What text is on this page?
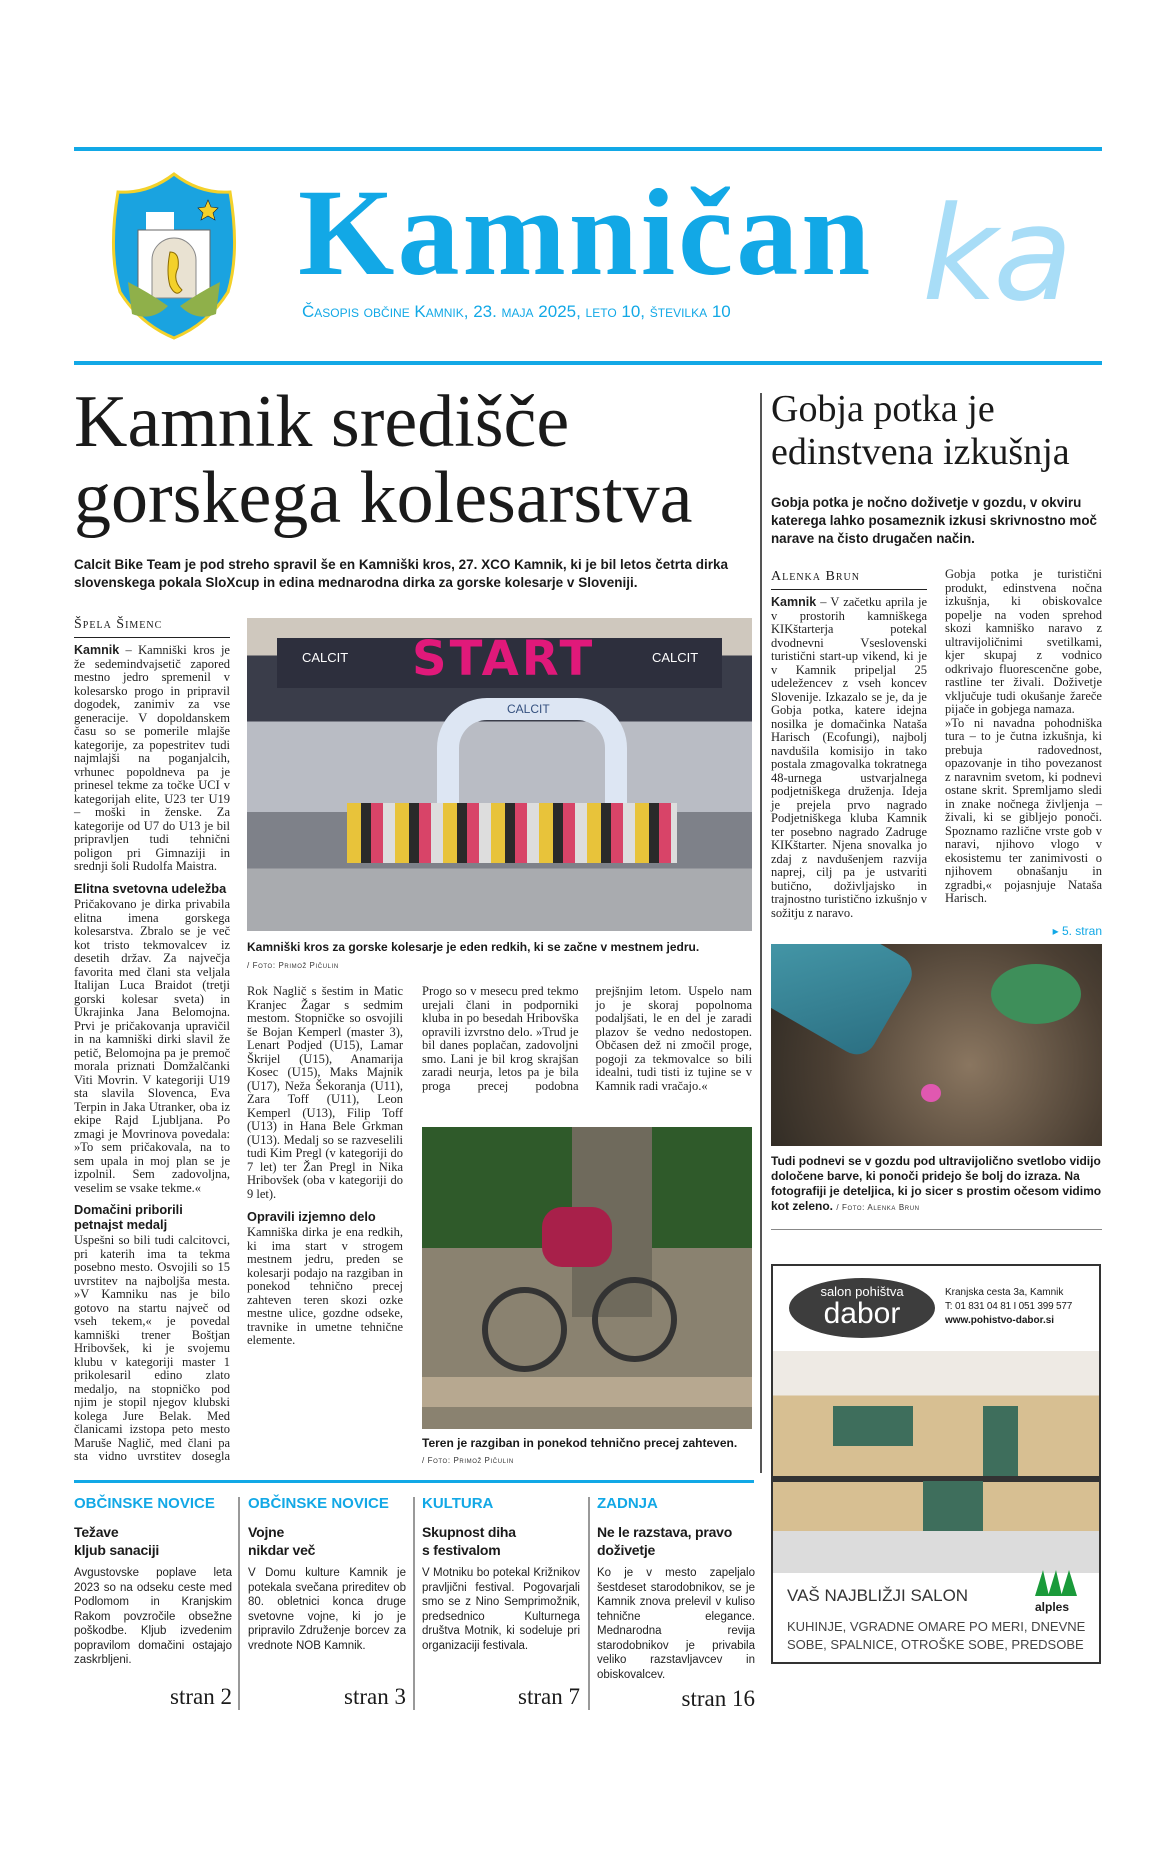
Kamničan ka
Časopis občine Kamnik, 23. maja 2025, leto 10, številka 10
Kamnik središče
gorskega kolesarstva
Calcit Bike Team je pod streho spravil še en Kamniški kros, 27. XCO Kamnik, ki je bil letos četrta dirka slovenskega pokala SloXcup in edina mednarodna dirka za gorske kolesarje v Sloveniji.
Špela Šimenc
Kamnik – Kamniški kros je že sedemindvajsetič zapored mestno jedro spremenil v kolesarsko progo in pripravil dogodek, zanimiv za vse generacije. V dopoldanskem času so se pomerile mlajše kategorije, za popestritev tudi najmlajši na poganjalcih, vrhunec popoldneva pa je prinesel tekme za točke UCI v kategorijah elite, U23 ter U19 – moški in ženske. Za kategorije od U7 do U13 je bil pripravljen tudi tehnični poligon pri Gimnaziji in srednji šoli Rudolfa Maistra.
Elitna svetovna udeležba
Pričakovano je dirka privabila elitna imena gorskega kolesarstva. Zbralo se je več kot tristo tekmovalcev iz desetih držav. Za največja favorita med člani sta veljala Italijan Luca Braidot (tretji gorski kolesar sveta) in Ukrajinka Jana Belomojna. Prvi je pričakovanja upravičil in na kamniški dirki slavil že petič, Belomojna pa je premoč morala priznati Domžalčanki Viti Movrin. V kategoriji U19 sta slavila Slovenca, Eva Terpin in Jaka Utranker, oba iz ekipe Rajd Ljubljana. Po zmagi je Movrinova povedala: »To sem pričakovala, na to sem upala in moj plan se je izpolnil. Sem zadovoljna, veselim se vsake tekme.«
Domačini priborili petnajst medalj
Uspešni so bili tudi calcitovci, pri katerih ima ta tekma posebno mesto. Osvojili so 15 uvrstitev na najboljša mesta. »V Kamniku nas je bilo gotovo na startu največ od vseh tekem,« je povedal kamniški trener Boštjan Hribovšek, ki je svojemu klubu v kategoriji master 1 prikolesaril edino zlato medaljo, na stopničko pod njim je stopil njegov klubski kolega Jure Belak. Med članicami izstopa peto mesto Maruše Naglič, med člani pa sta vidno uvrstitev dosegla
START
CALCIT	CALCIT
CALCIT
Kamniški kros za gorske kolesarje je eden redkih, ki se začne v mestnem jedru.
/ Foto: Primož Pičulin
Rok Naglič s šestim in Matic Kranjec Žagar s sedmim mestom. Stopničke so osvojili še Bojan Kemperl (master 3), Lenart Podjed (U15), Lamar Škrijel (U15), Anamarija Kosec (U15), Maks Majnik (U17), Neža Šekoranja (U11), Zara Toff (U11), Leon Kemperl (U13), Filip Toff (U13) in Hana Bele Grkman (U13). Medalj so se razveselili tudi Kim Pregl (v kategoriji do 7 let) ter Žan Pregl in Nika Hribovšek (oba v kategoriji do 9 let).
Opravili izjemno delo
Kamniška dirka je ena redkih, ki ima start v strogem mestnem jedru, preden se kolesarji podajo na razgiban in ponekod tehnično precej zahteven teren skozi ozke mestne ulice, gozdne odseke, travnike in umetne tehnične elemente.
Progo so v mesecu pred tekmo urejali člani in podporniki kluba in po besedah Hribovška opravili izvrstno delo. »Trud je bil danes poplačan, zadovoljni smo. Lani je bil krog skrajšan zaradi neurja, letos pa je bila proga precej podobna prejšnjim letom. Uspelo nam jo je skoraj popolnoma podaljšati, le en del je zaradi plazov še vedno nedostopen. Občasen dež ni zmočil proge, pogoji za tekmovalce so bili idealni, tudi tisti iz tujine se v Kamnik radi vračajo.«
Teren je razgiban in ponekod tehnično precej zahteven.
/ Foto: Primož Pičulin
Gobja potka je
edinstvena izkušnja
Gobja potka je nočno doživetje v gozdu, v okviru katerega lahko posameznik izkusi skrivnostno moč narave na čisto drugačen način.
Alenka Brun
Kamnik – V začetku aprila je v prostorih kamniškega KIKštarterja potekal dvodnevni Vseslovenski turistični start-up vikend, ki je v Kamnik pripeljal 25 udeležencev z vseh koncev Slovenije. Izkazalo se je, da je Gobja potka, katere idejna nosilka je domačinka Nataša Harisch (Ecofungi), najbolj navdušila komisijo in tako postala zmagovalka tokratnega 48-urnega ustvarjalnega podjetniškega druženja. Ideja je prejela prvo nagrado Podjetniškega kluba Kamnik ter posebno nagrado Zadruge KIKštarter. Njena snovalka jo zdaj z navdušenjem razvija naprej, cilj pa je ustvariti butično, doživljajsko in trajnostno turistično izkušnjo v sožitju z naravo.
Gobja potka je turistični produkt, edinstvena nočna izkušnja, ki obiskovalce popelje na voden sprehod skozi kamniško naravo z ultravijoličnimi svetilkami, kjer skupaj z vodnico odkrivajo fluorescenčne gobe, rastline ter živali. Doživetje vključuje tudi okušanje žareče pijače in gobjega namaza.
»To ni navadna pohodniška tura – to je čutna izkušnja, ki prebuja radovednost, opazovanje in tiho povezanost z naravnim svetom, ki podnevi ostane skrit. Spremljamo sledi in znake nočnega življenja – živali, ki se gibljejo ponoči. Spoznamo različne vrste gob v naravi, njihovo vlogo v ekosistemu ter zanimivosti o njihovem obnašanju in zgradbi,« pojasnjuje Nataša Harisch.
▸ 5. stran
Tudi podnevi se v gozdu pod ultravijolično svetlobo vidijo določene barve, ki ponoči pridejo še bolj do izraza. Na fotografiji je deteljica, ki jo sicer s prostim očesom vidimo kot zeleno. / Foto: Alenka Brun
salon pohištva
dabor
Kranjska cesta 3a, Kamnik
T: 01 831 04 81 I 051 399 577
www.pohistvo-dabor.si
VAŠ NAJBLIŽJI SALON
alples
KUHINJE, VGRADNE OMARE PO MERI, DNEVNE SOBE, SPALNICE, OTROŠKE SOBE, PREDSOBE
OBČINSKE NOVICE
Težave
kljub sanaciji
Avgustovske poplave leta 2023 so na odseku ceste med Podlomom in Kranjskim Rakom povzročile obsežne poškodbe. Kljub izvedenim popravilom domačini ostajajo zaskrbljeni.
stran 2
OBČINSKE NOVICE
Vojne
nikdar več
V Domu kulture Kamnik je potekala svečana prireditev ob 80. obletnici konca druge svetovne vojne, ki jo je pripravilo Združenje borcev za vrednote NOB Kamnik.
stran 3
KULTURA
Skupnost diha
s festivalom
V Motniku bo potekal Križnikov pravljični festival. Pogovarjali smo se z Nino Semprimožnik, predsednico Kulturnega društva Motnik, ki sodeluje pri organizaciji festivala.
stran 7
ZADNJA
Ne le razstava, pravo
doživetje
Ko je v mesto zapeljalo šestdeset starodobnikov, se je Kamnik znova prelevil v kuliso tehnične elegance. Mednarodna revija starodobnikov je privabila veliko razstavljavcev in obiskovalcev.
stran 16
